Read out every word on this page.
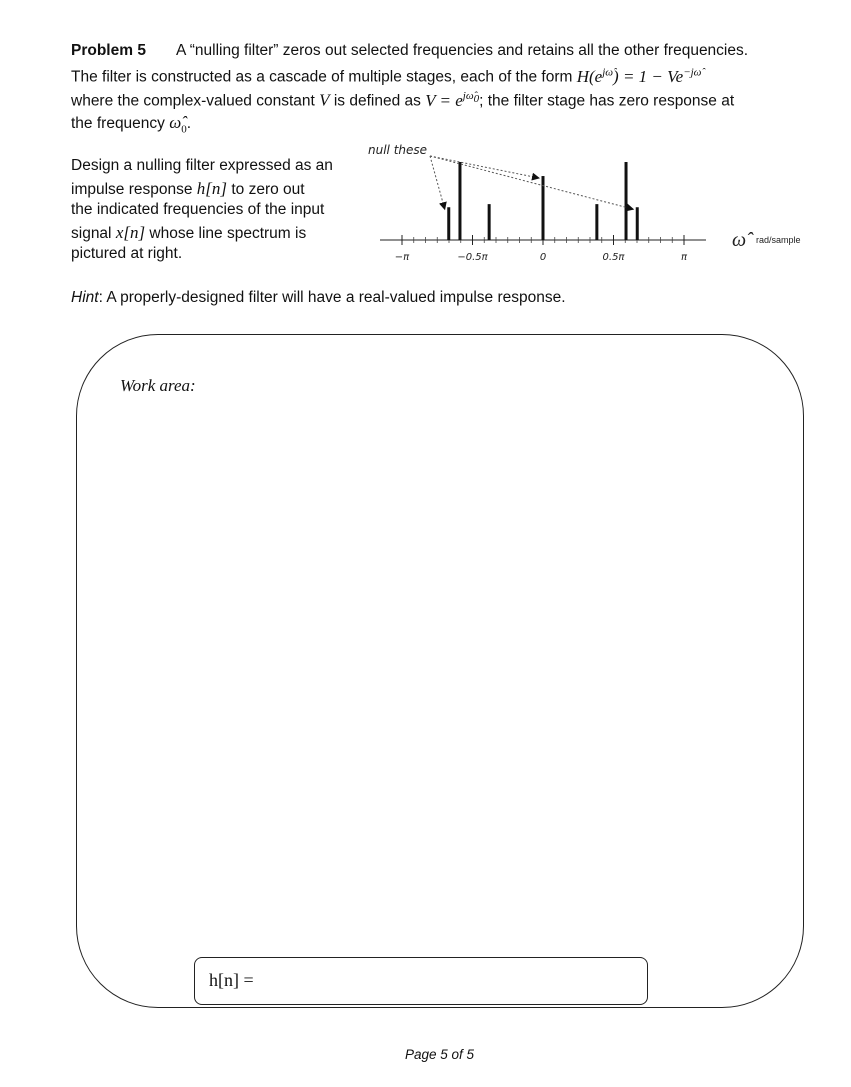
Problem 5 A “nulling filter” zeros out selected frequencies and retains all the other frequencies.
The filter is constructed as a cascade of multiple stages, each of the form $H(e^{j\omegâ}) = 1 - Ve^{-j\omegâ}$
where the complex-valued constant V is defined as $V = e^{j\omegâ_0}$; the filter stage has zero response at
the frequency $\omegâ_0$.
Design a nulling filter expressed as an
impulse response h[n] to zero out
the indicated frequencies of the input
signal x[n] whose line spectrum is
pictured at right.	−π	−0.5π	0	0.5π	π
null these
ω̂	rad/sample
Hint: A properly-designed filter will have a real-valued impulse response.
Work area:
h[n] =
Page 5 of 5
